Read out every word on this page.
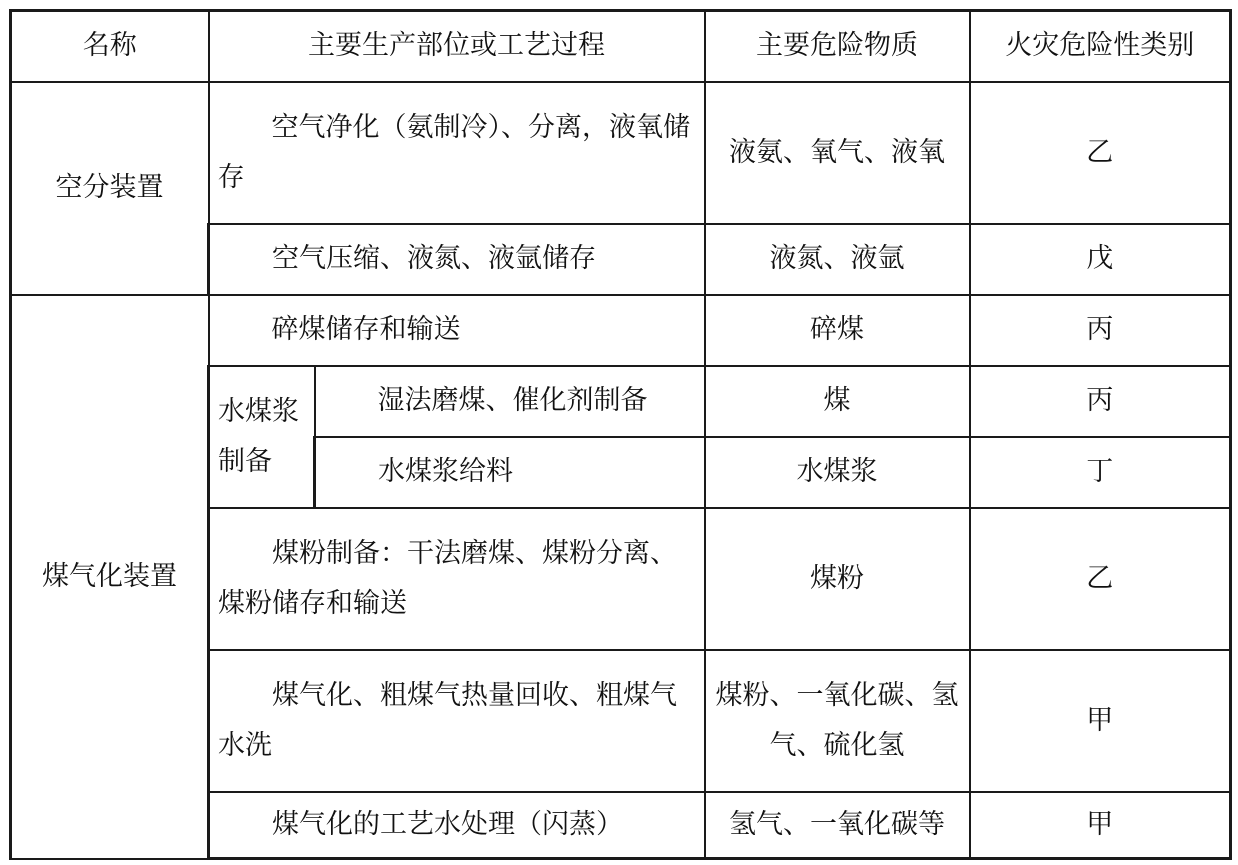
名称	主要生产部位或工艺过程		主要危险物质	火灾危险性类别
空分装置	空气净化（氨制冷）、分离，液氧储存		液氨、氧气、液氧	乙
	空气压缩、液氮、液氩储存		液氮、液氩	戊
煤气化装置	碎煤储存和输送		碎煤	丙
	水煤浆制备	湿法磨煤、催化剂制备	煤	丙
		水煤浆给料	水煤浆	丁
	煤粉制备：干法磨煤、煤粉分离、煤粉储存和输送		煤粉	乙
	煤气化、粗煤气热量回收、粗煤气水洗		煤粉、一氧化碳、氢气、硫化氢	甲
	煤气化的工艺水处理（闪蒸）		氢气、一氧化碳等	甲
